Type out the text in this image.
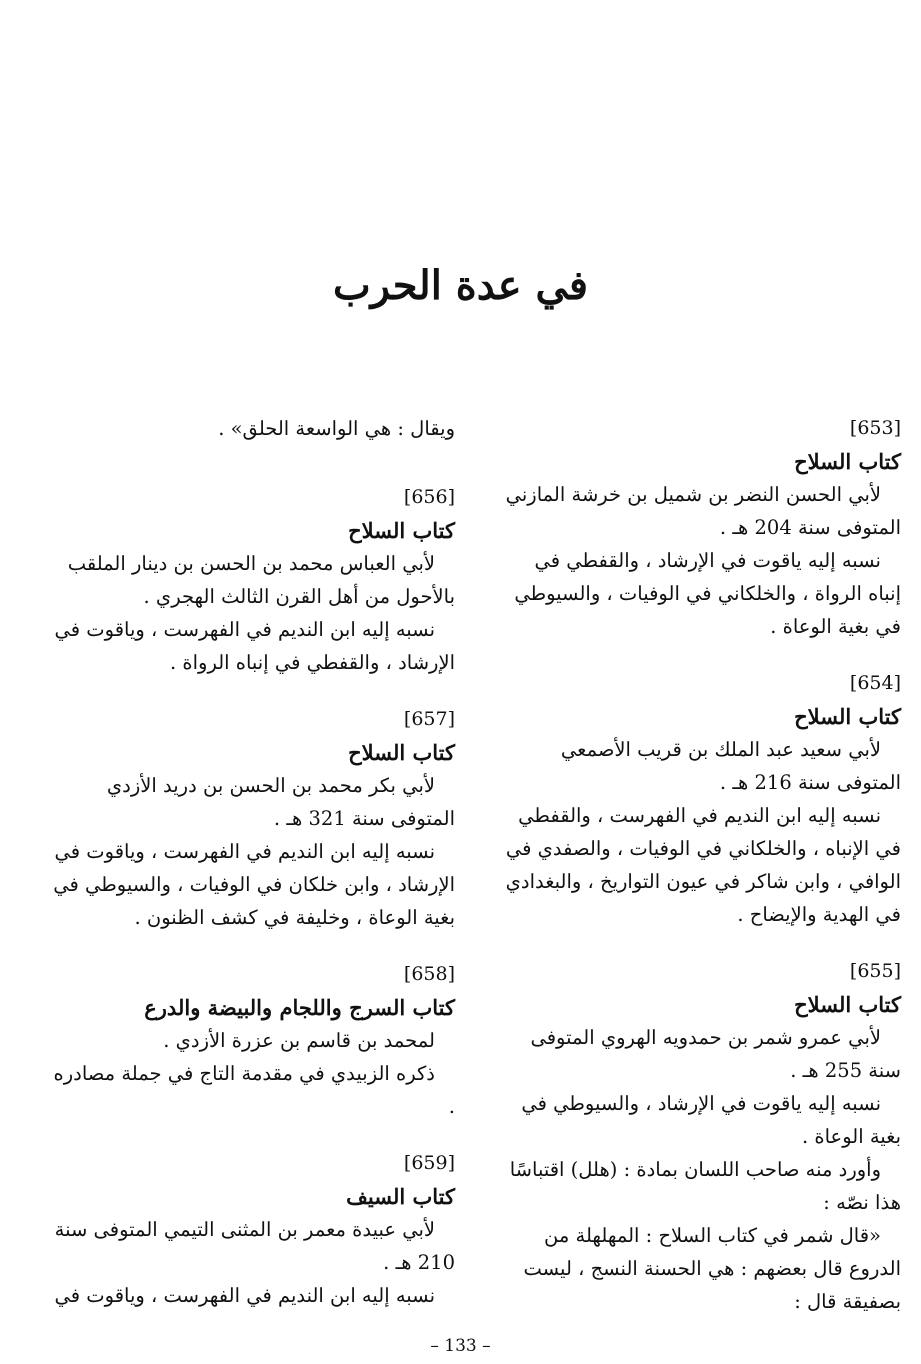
في عدة الحرب
[653]
كتاب السلاح

لأبي الحسن النضر بن شميل بن خرشة المازني المتوفى سنة 204 هـ .

نسبه إليه ياقوت في الإرشاد ، والقفطي في إنباه الرواة ، والخلكاني في الوفيات ، والسيوطي في بغية الوعاة .

[654]
كتاب السلاح

لأبي سعيد عبد الملك بن قريب الأصمعي المتوفى سنة 216 هـ .

نسبه إليه ابن النديم في الفهرست ، والقفطي في الإنباه ، والخلكاني في الوفيات ، والصفدي في الوافي ، وابن شاكر في عيون التواريخ ، والبغدادي في الهدية والإيضاح .

[655]
كتاب السلاح

لأبي عمرو شمر بن حمدويه الهروي المتوفى سنة 255 هـ .

نسبه إليه ياقوت في الإرشاد ، والسيوطي في بغية الوعاة .

وأورد منه صاحب اللسان بمادة : (هلل) اقتباسًا هذا نصّه :

«قال شمر في كتاب السلاح : المهلهلة من الدروع قال بعضهم : هي الحسنة النسج ، ليست بصفيقة قال :

ويقال : هي الواسعة الحلق» .

[656]
كتاب السلاح

لأبي العباس محمد بن الحسن بن دينار الملقب بالأحول من أهل القرن الثالث الهجري .

نسبه إليه ابن النديم في الفهرست ، وياقوت في الإرشاد ، والقفطي في إنباه الرواة .

[657]
كتاب السلاح

لأبي بكر محمد بن الحسن بن دريد الأزدي المتوفى سنة 321 هـ .

نسبه إليه ابن النديم في الفهرست ، وياقوت في الإرشاد ، وابن خلكان في الوفيات ، والسيوطي في بغية الوعاة ، وخليفة في كشف الظنون .

[658]
كتاب السرج واللجام والبيضة والدرع

لمحمد بن قاسم بن عزرة الأزدي .

ذكره الزبيدي في مقدمة التاج في جملة مصادره .

[659]
كتاب السيف

لأبي عبيدة معمر بن المثنى التيمي المتوفى سنة 210 هـ .

نسبه إليه ابن النديم في الفهرست ، وياقوت في

– 133 –
